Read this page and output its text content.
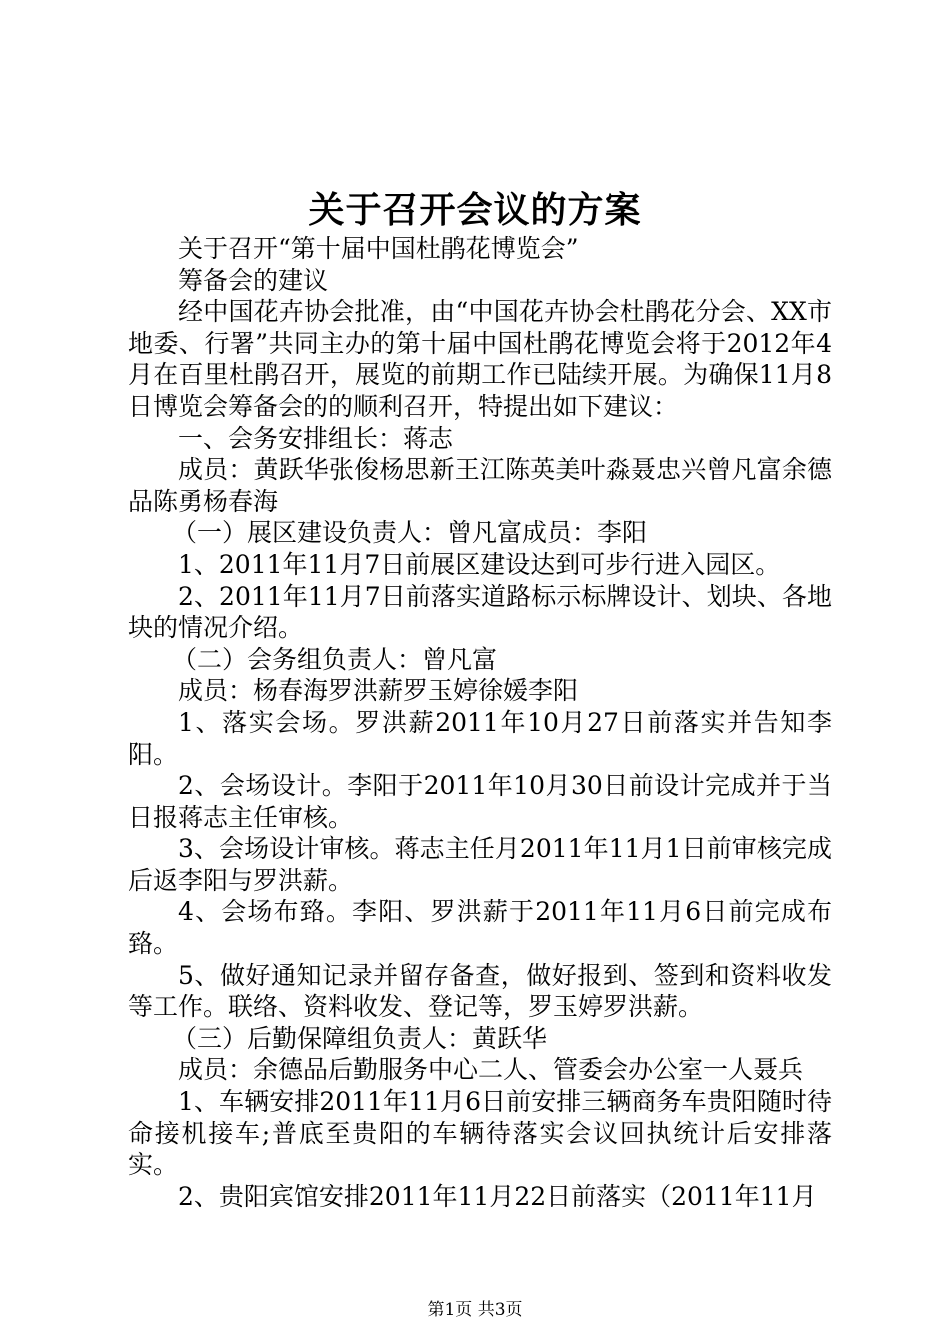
关于召开会议的方案

关于召开“第十届中国杜鹃花博览会”

筹备会的建议

经中国花卉协会批准，由“中国花卉协会杜鹃花分会、XX市地委、行署”共同主办的第十届中国杜鹃花博览会将于2012年4月在百里杜鹃召开，展览的前期工作已陆续开展。为确保11月8日博览会筹备会的的顺利召开，特提出如下建议：

一、会务安排组长：蒋志

成员：黄跃华张俊杨思新王江陈英美叶淼聂忠兴曾凡富余德品陈勇杨春海

（一）展区建设负责人：曾凡富成员：李阳

1、2011年11月7日前展区建设达到可步行进入园区。

2、2011年11月7日前落实道路标示标牌设计、划块、各地块的情况介绍。

（二）会务组负责人：曾凡富

成员：杨春海罗洪薪罗玉婷徐媛李阳

1、落实会场。罗洪薪2011年10月27日前落实并告知李阳。

2、会场设计。李阳于2011年10月30日前设计完成并于当日报蒋志主任审核。

3、会场设计审核。蒋志主任月2011年11月1日前审核完成后返李阳与罗洪薪。

4、会场布臵。李阳、罗洪薪于2011年11月6日前完成布臵。

5、做好通知记录并留存备查，做好报到、签到和资料收发等工作。联络、资料收发、登记等，罗玉婷罗洪薪。

（三）后勤保障组负责人：黄跃华

成员：余德品后勤服务中心二人、管委会办公室一人聂兵

1、车辆安排2011年11月6日前安排三辆商务车贵阳随时待命接机接车;普底至贵阳的车辆待落实会议回执统计后安排落实。

2、贵阳宾馆安排2011年11月22日前落实（2011年11月

第1页 共3页
